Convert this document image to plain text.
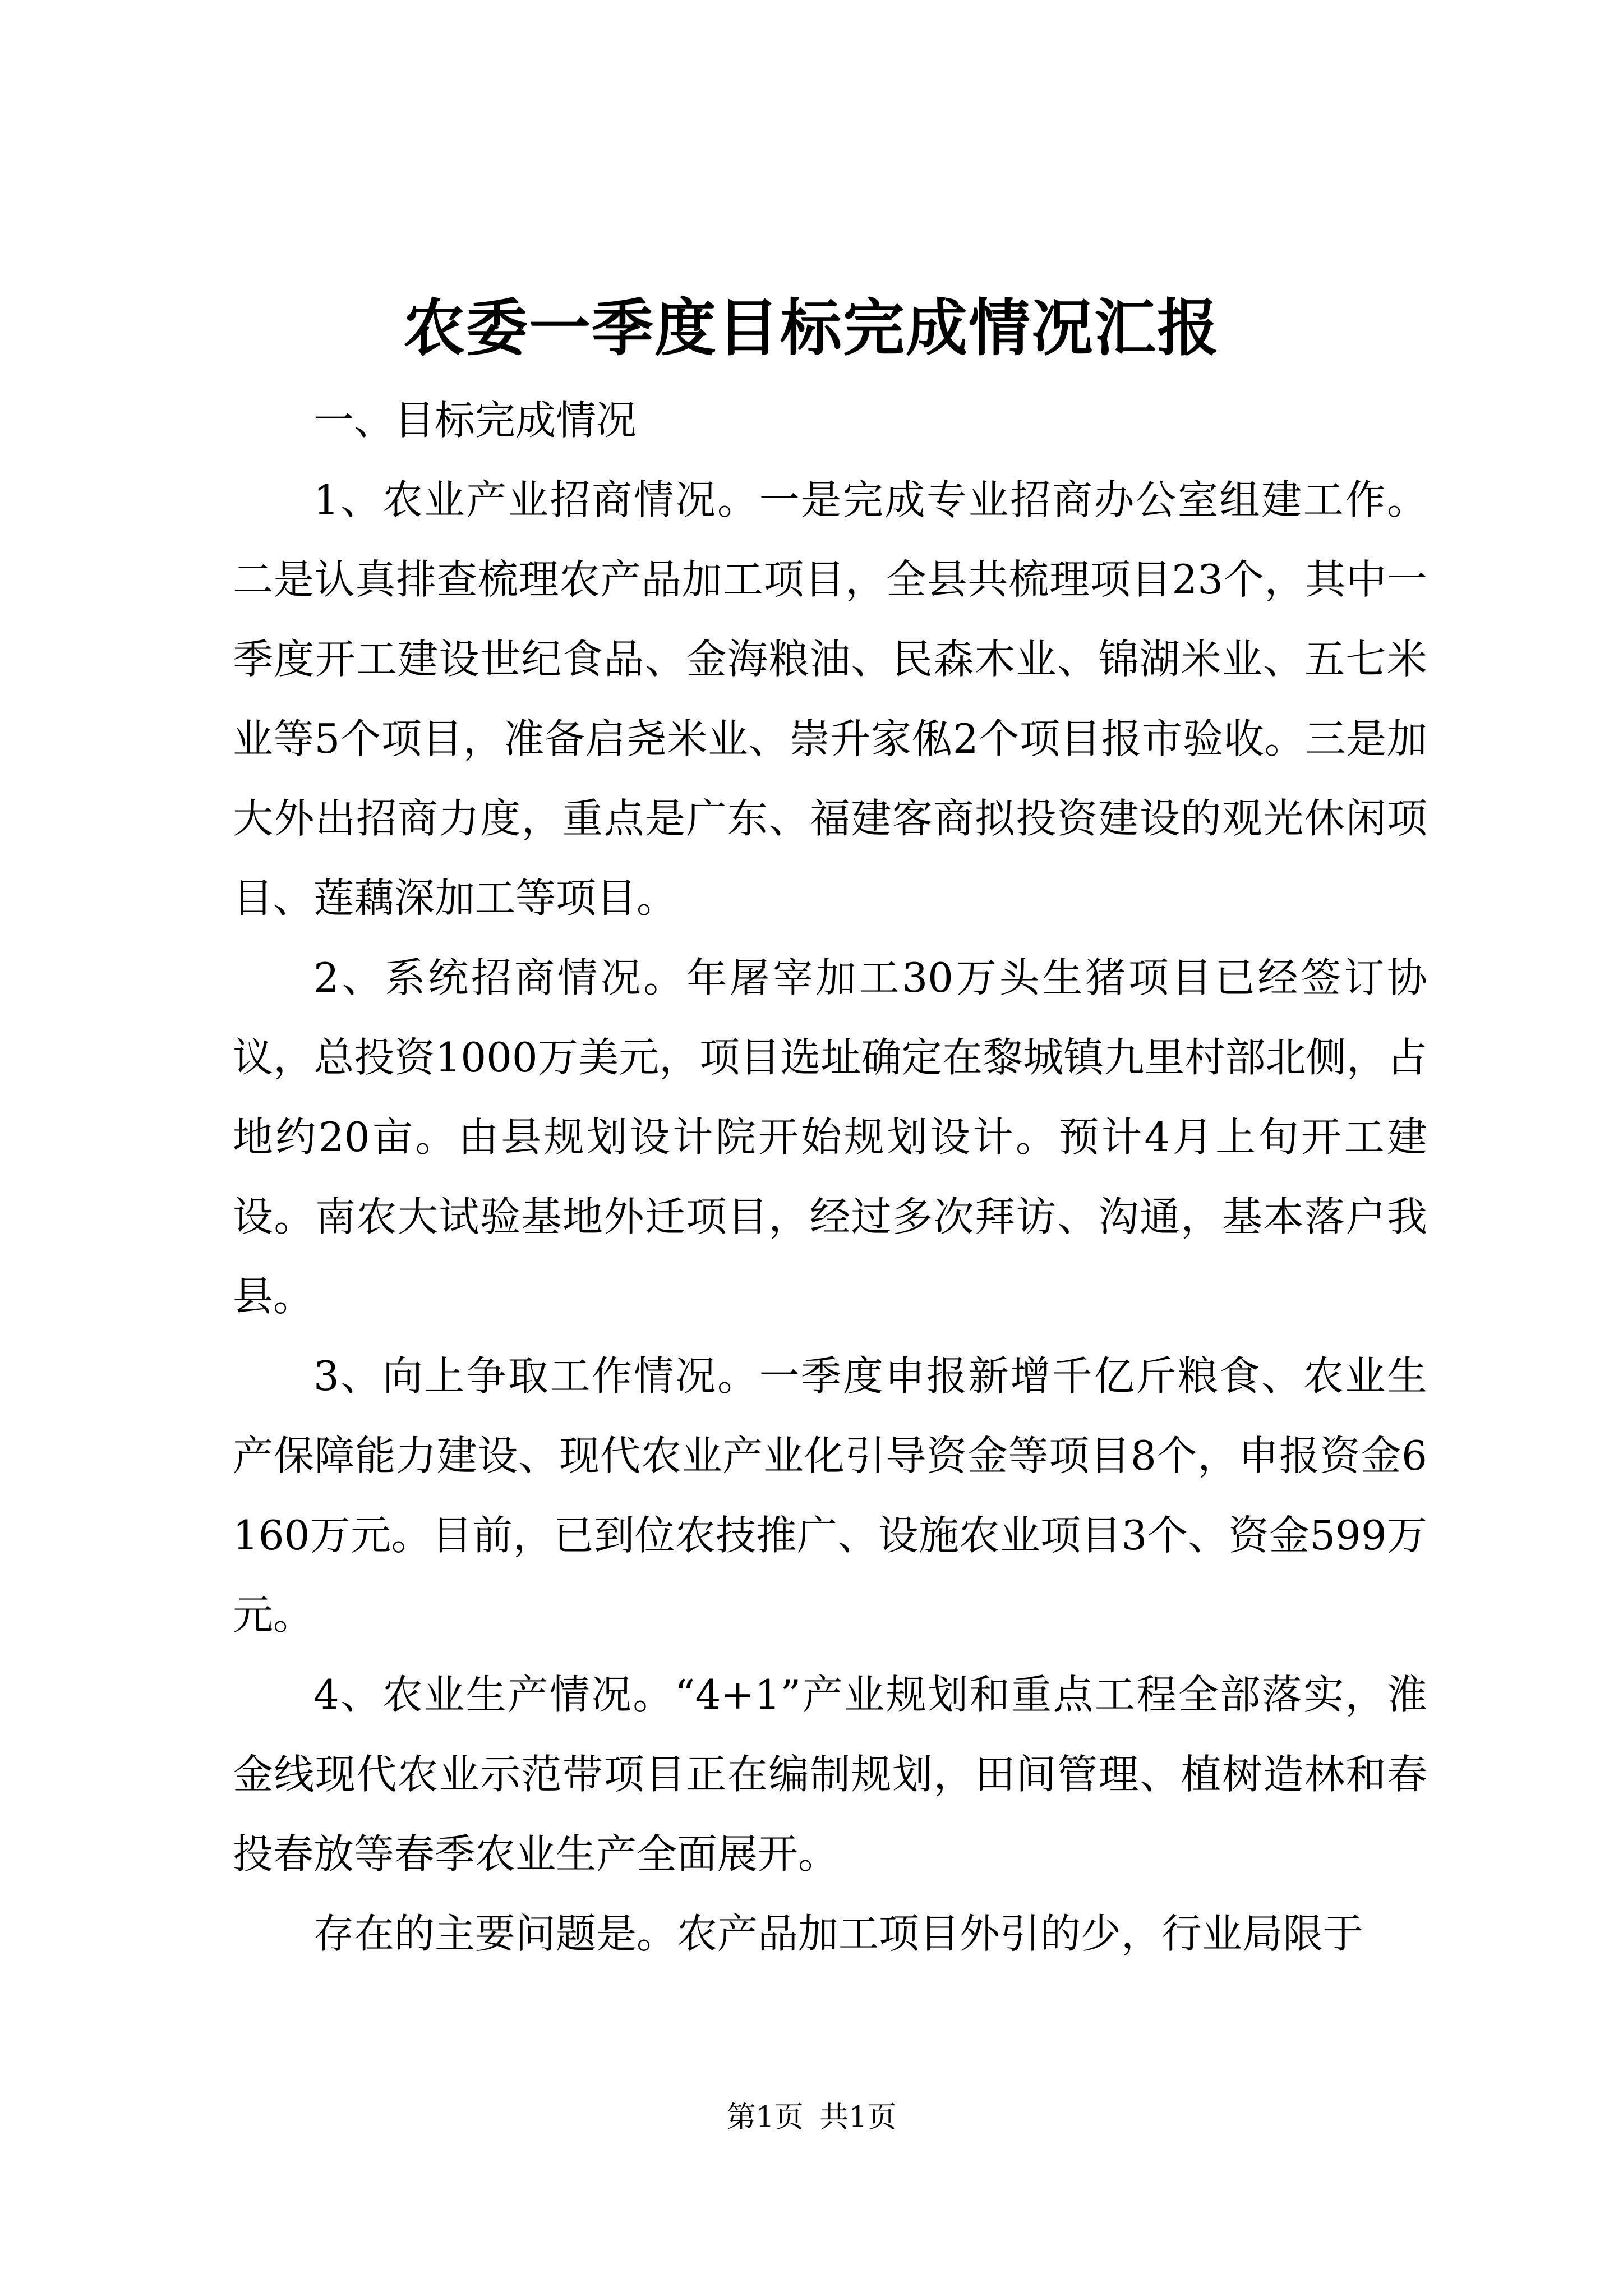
农委一季度目标完成情况汇报

一、目标完成情况

1、农业产业招商情况。一是完成专业招商办公室组建工作。二是认真排查梳理农产品加工项目，全县共梳理项目23个，其中一季度开工建设世纪食品、金海粮油、民森木业、锦湖米业、五七米业等5个项目，准备启尧米业、崇升家俬2个项目报市验收。三是加大外出招商力度，重点是广东、福建客商拟投资建设的观光休闲项目、莲藕深加工等项目。

2、系统招商情况。年屠宰加工30万头生猪项目已经签订协议，总投资1000万美元，项目选址确定在黎城镇九里村部北侧，占地约20亩。由县规划设计院开始规划设计。预计4月上旬开工建设。南农大试验基地外迁项目，经过多次拜访、沟通，基本落户我县。

3、向上争取工作情况。一季度申报新增千亿斤粮食、农业生产保障能力建设、现代农业产业化引导资金等项目8个，申报资金6160万元。目前，已到位农技推广、设施农业项目3个、资金599万元。

4、农业生产情况。“4+1”产业规划和重点工程全部落实，淮金线现代农业示范带项目正在编制规划，田间管理、植树造林和春投春放等春季农业生产全面展开。

存在的主要问题是。农产品加工项目外引的少，行业局限于

第1页 共1页
